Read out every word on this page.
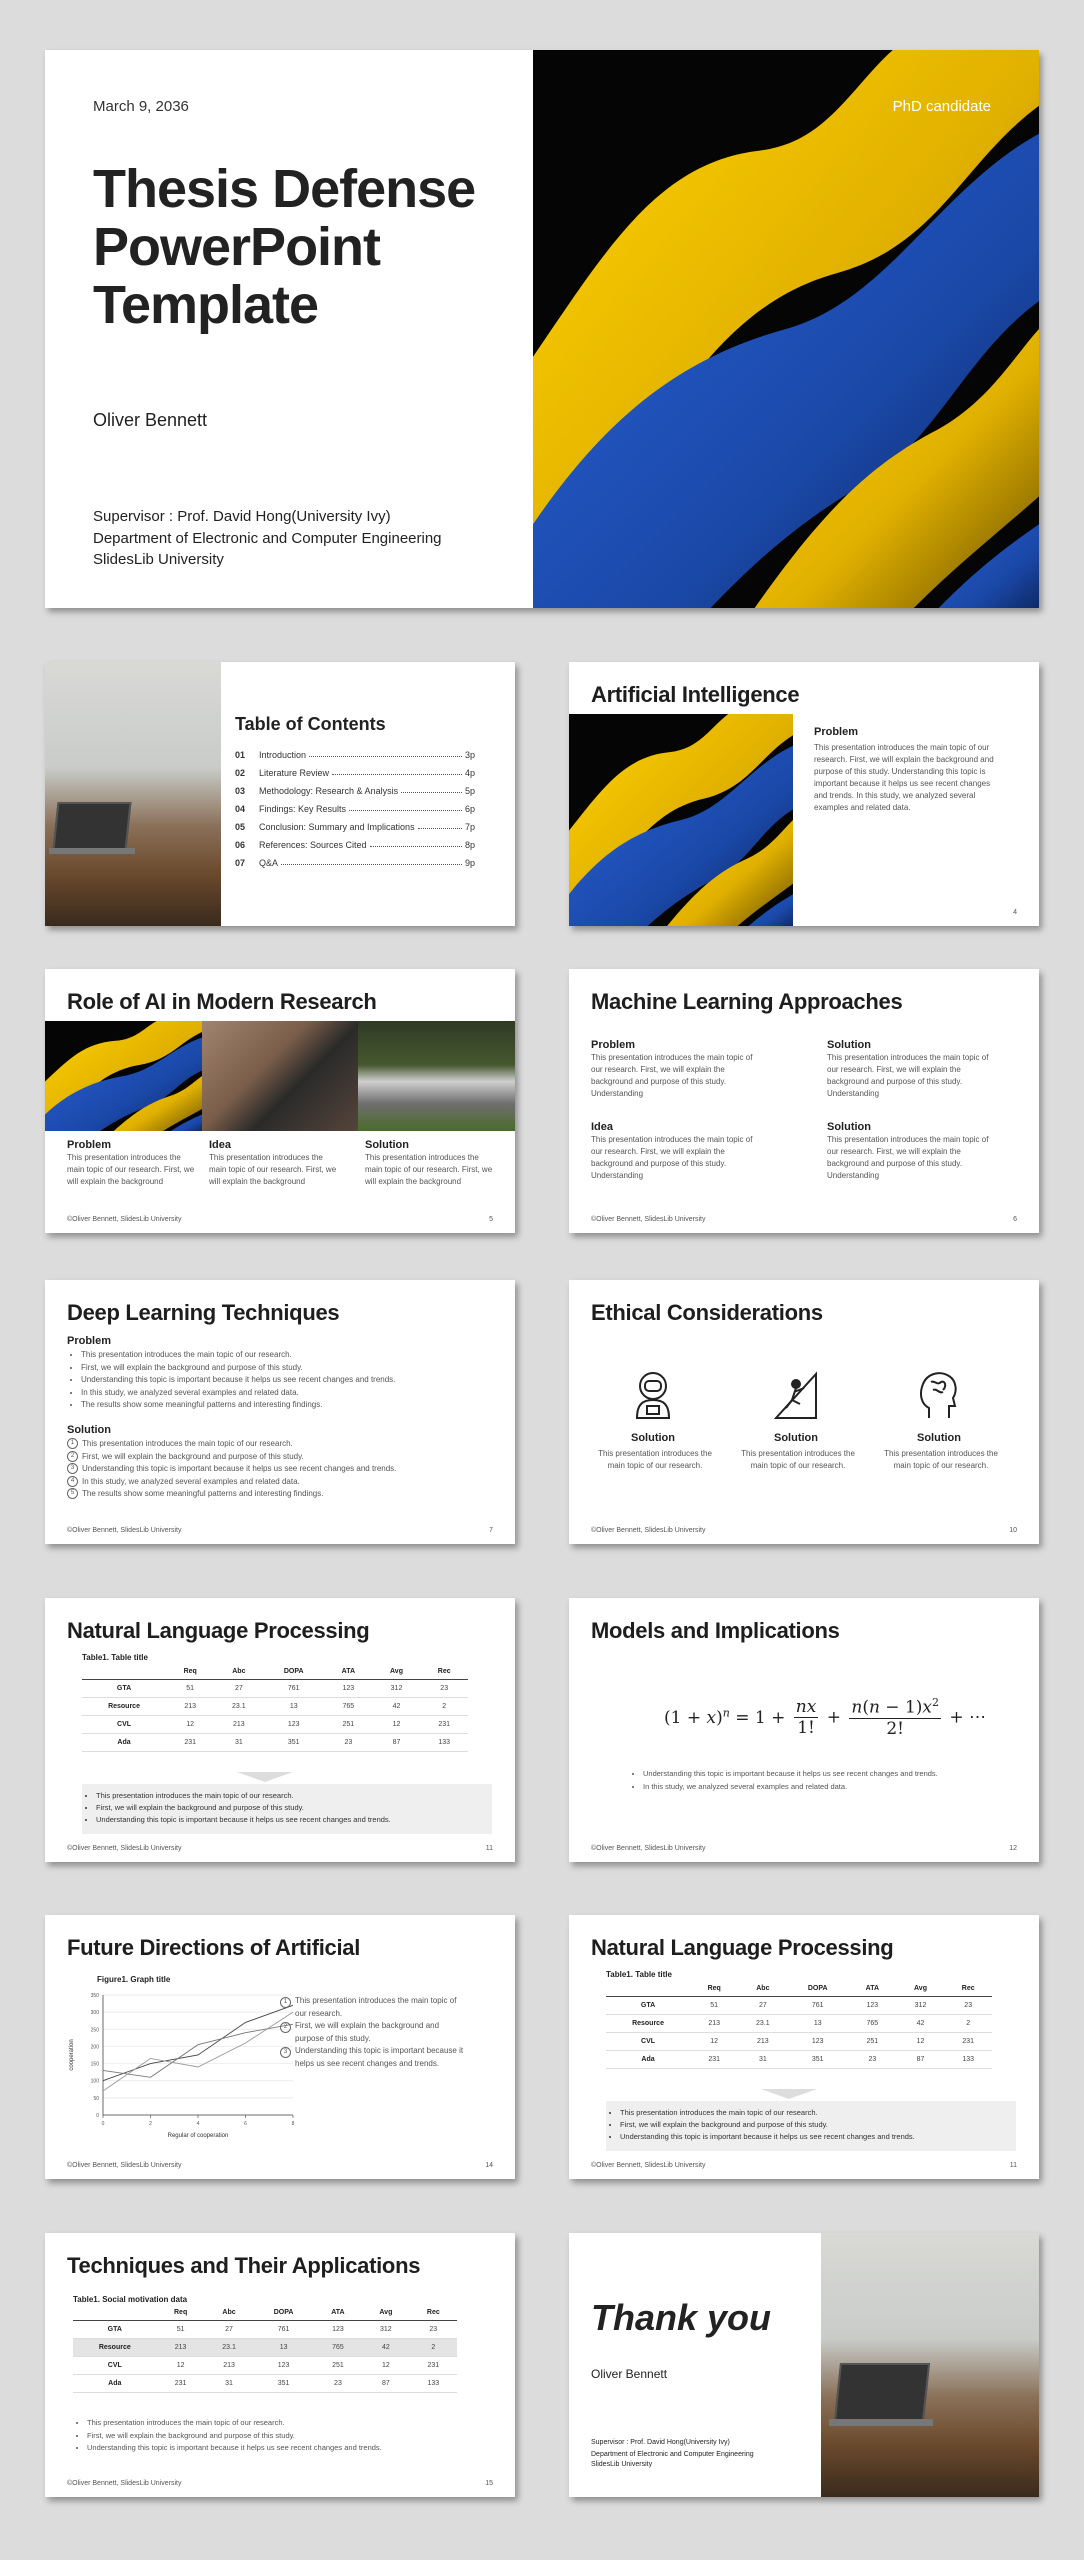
March 9, 2036
Thesis Defense
PowerPoint
Template
Oliver Bennett
Supervisor : Prof. David Hong(University Ivy)
Department of Electronic and Computer Engineering
SlidesLib University
PhD candidate
Table of Contents
01 Introduction	3p
02 Literature Review	4p
03 Methodology: Research & Analysis	5p
04 Findings: Key Results	6p
05 Conclusion: Summary and Implications	7p
06 References: Sources Cited	8p
07 Q&A	9p
Artificial Intelligence
Problem
This presentation introduces the main topic of our research. First, we will explain the background and purpose of this study. Understanding this topic is important because it helps us see recent changes and trends. In this study, we analyzed several examples and related data.
4
Role of AI in Modern Research
Problem
This presentation introduces the main topic of our research. First, we will explain the background
Idea
This presentation introduces the main topic of our research. First, we will explain the background
Solution
This presentation introduces the main topic of our research. First, we will explain the background
©Oliver Bennett, SlidesLib University	5
Machine Learning Approaches
Problem
This presentation introduces the main topic of our research. First, we will explain the background and purpose of this study. Understanding
Solution
This presentation introduces the main topic of our research. First, we will explain the background and purpose of this study. Understanding
Idea
This presentation introduces the main topic of our research. First, we will explain the background and purpose of this study. Understanding
Solution
This presentation introduces the main topic of our research. First, we will explain the background and purpose of this study. Understanding
©Oliver Bennett, SlidesLib University	6
Deep Learning Techniques
Problem
• This presentation introduces the main topic of our research.
• First, we will explain the background and purpose of this study.
• Understanding this topic is important because it helps us see recent changes and trends.
• In this study, we analyzed several examples and related data.
• The results show some meaningful patterns and interesting findings.
Solution
1 This presentation introduces the main topic of our research.
2 First, we will explain the background and purpose of this study.
3 Understanding this topic is important because it helps us see recent changes and trends.
4 In this study, we analyzed several examples and related data.
5 The results show some meaningful patterns and interesting findings.
©Oliver Bennett, SlidesLib University	7
Ethical Considerations
Solution
This presentation introduces the main topic of our research.
Solution
This presentation introduces the main topic of our research.
Solution
This presentation introduces the main topic of our research.
©Oliver Bennett, SlidesLib University	10
Natural Language Processing
Table1. Table title
	Req	Abc	DOPA	ATA	Avg	Rec
GTA	51	27	761	123	312	23
Resource	213	23.1	13	765	42	2
CVL	12	213	123	251	12	231
Ada	231	31	351	23	87	133
• This presentation introduces the main topic of our research.
• First, we will explain the background and purpose of this study.
• Understanding this topic is important because it helps us see recent changes and trends.
©Oliver Bennett, SlidesLib University	11
Models and Implications
$(1 + x)^n = 1 + \frac{nx}{1!} + \frac{n(n - 1)x^2}{2!}$ + ⋯
• Understanding this topic is important because it helps us see recent changes and trends.
• In this study, we analyzed several examples and related data.
©Oliver Bennett, SlidesLib University	12
Future Directions of Artificial
Figure1. Graph title
0
50
100
150
200
250
300
350
0	2	4	6	8
Regular of cooperation
cooperation
1 This presentation introduces the main topic of our research.
2 First, we will explain the background and purpose of this study.
3 Understanding this topic is important because it helps us see recent changes and trends.
©Oliver Bennett, SlidesLib University	14
Natural Language Processing
Table1. Table title
	Req	Abc	DOPA	ATA	Avg	Rec
GTA	51	27	761	123	312	23
Resource	213	23.1	13	765	42	2
CVL	12	213	123	251	12	231
Ada	231	31	351	23	87	133
• This presentation introduces the main topic of our research.
• First, we will explain the background and purpose of this study.
• Understanding this topic is important because it helps us see recent changes and trends.
©Oliver Bennett, SlidesLib University	11
Techniques and Their Applications
Table1. Social motivation data
	Req	Abc	DOPA	ATA	Avg	Rec
GTA	51	27	761	123	312	23
Resource	213	23.1	13	765	42	2
CVL	12	213	123	251	12	231
Ada	231	31	351	23	87	133
• This presentation introduces the main topic of our research.
• First, we will explain the background and purpose of this study.
• Understanding this topic is important because it helps us see recent changes and trends.
©Oliver Bennett, SlidesLib University	15
Thank you
Oliver Bennett
Supervisor : Prof. David Hong(University Ivy)
Department of Electronic and Computer Engineering
SlidesLib University
